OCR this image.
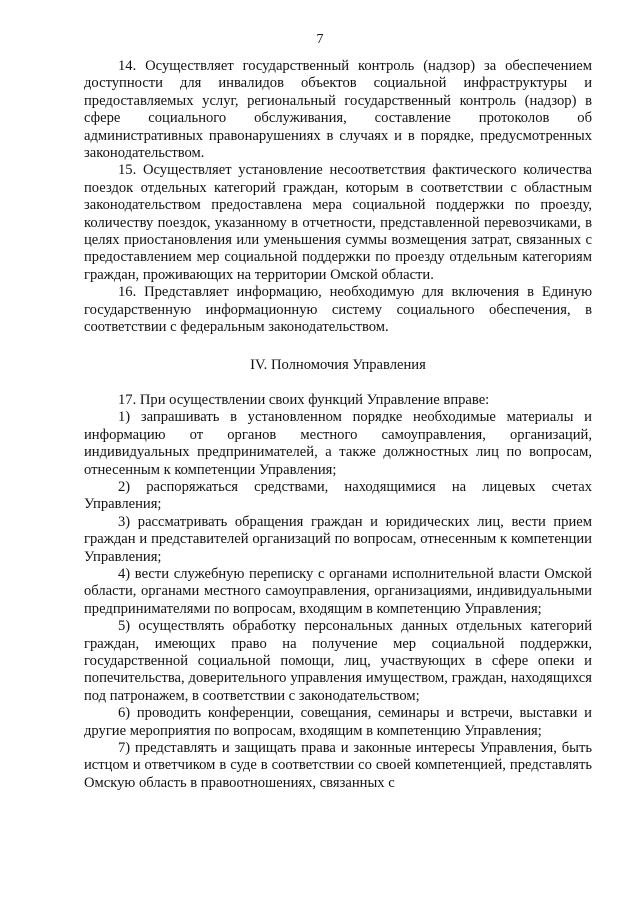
7

14. Осуществляет государственный контроль (надзор) за обеспечением доступности для инвалидов объектов социальной инфраструктуры и предоставляемых услуг, региональный государственный контроль (надзор) в сфере социального обслуживания, составление протоколов об административных правонарушениях в случаях и в порядке, предусмотренных законодательством.

15. Осуществляет установление несоответствия фактического количества поездок отдельных категорий граждан, которым в соответствии с областным законодательством предоставлена мера социальной поддержки по проезду, количеству поездок, указанному в отчетности, представленной перевозчиками, в целях приостановления или уменьшения суммы возмещения затрат, связанных с предоставлением мер социальной поддержки по проезду отдельным категориям граждан, проживающих на территории Омской области.

16. Представляет информацию, необходимую для включения в Единую государственную информационную систему социального обеспечения, в соответствии с федеральным законодательством.

IV. Полномочия Управления

17. При осуществлении своих функций Управление вправе:

1) запрашивать в установленном порядке необходимые материалы и информацию от органов местного самоуправления, организаций, индивидуальных предпринимателей, а также должностных лиц по вопросам, отнесенным к компетенции Управления;

2) распоряжаться средствами, находящимися на лицевых счетах Управления;

3) рассматривать обращения граждан и юридических лиц, вести прием граждан и представителей организаций по вопросам, отнесенным к компетенции Управления;

4) вести служебную переписку с органами исполнительной власти Омской области, органами местного самоуправления, организациями, индивидуальными предпринимателями по вопросам, входящим в компетенцию Управления;

5) осуществлять обработку персональных данных отдельных категорий граждан, имеющих право на получение мер социальной поддержки, государственной социальной помощи, лиц, участвующих в сфере опеки и попечительства, доверительного управления имуществом, граждан, находящихся под патронажем, в соответствии с законодательством;

6) проводить конференции, совещания, семинары и встречи, выставки и другие мероприятия по вопросам, входящим в компетенцию Управления;

7) представлять и защищать права и законные интересы Управления, быть истцом и ответчиком в суде в соответствии со своей компетенцией, представлять Омскую область в правоотношениях, связанных с
